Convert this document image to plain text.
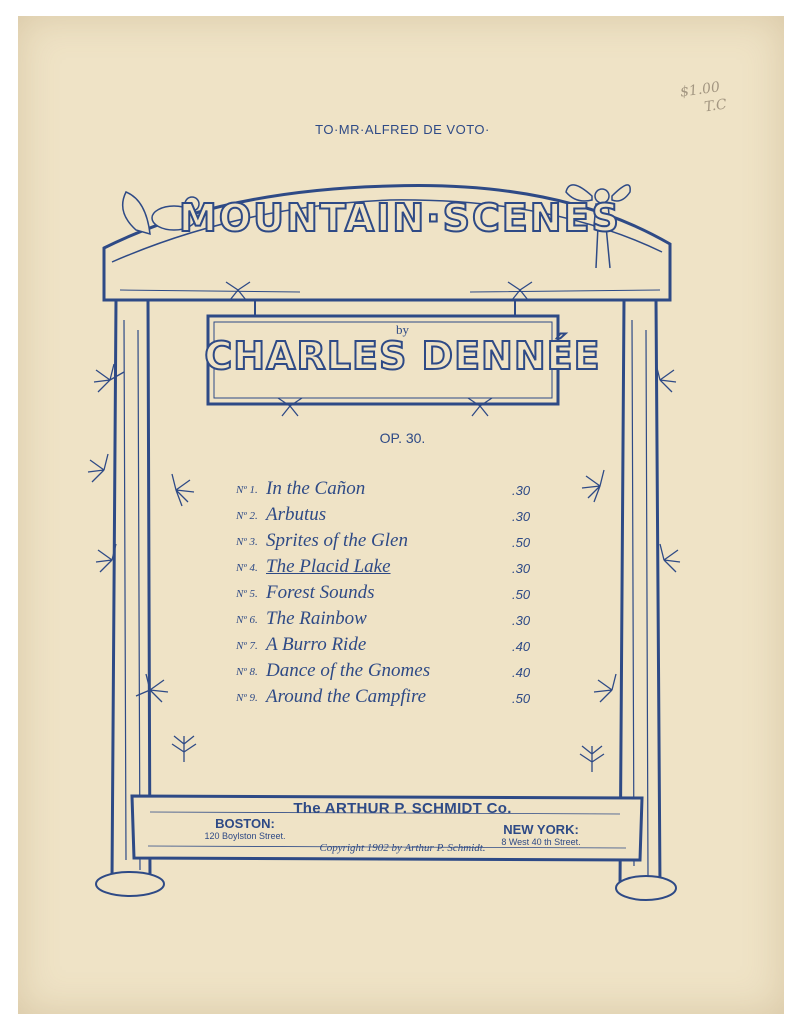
$1.00
T.C
TO·MR·ALFRED DE VOTO·
MOUNTAIN·SCENES
by
CHARLES DENNÉE
OP. 30.
Nº 1. In the Cañon	.30
Nº 2. Arbutus	.30
Nº 3. Sprites of the Glen	.50
Nº 4. The Placid Lake	.30
Nº 5. Forest Sounds	.50
Nº 6. The Rainbow	.30
Nº 7. A Burro Ride	.40
Nº 8. Dance of the Gnomes	.40
Nº 9. Around the Campfire	.50
The ARTHUR P. SCHMIDT Co.
BOSTON:
120 Boylston Street.	NEW YORK:
8 West 40 th Street.
Copyright 1902 by Arthur P. Schmidt.
